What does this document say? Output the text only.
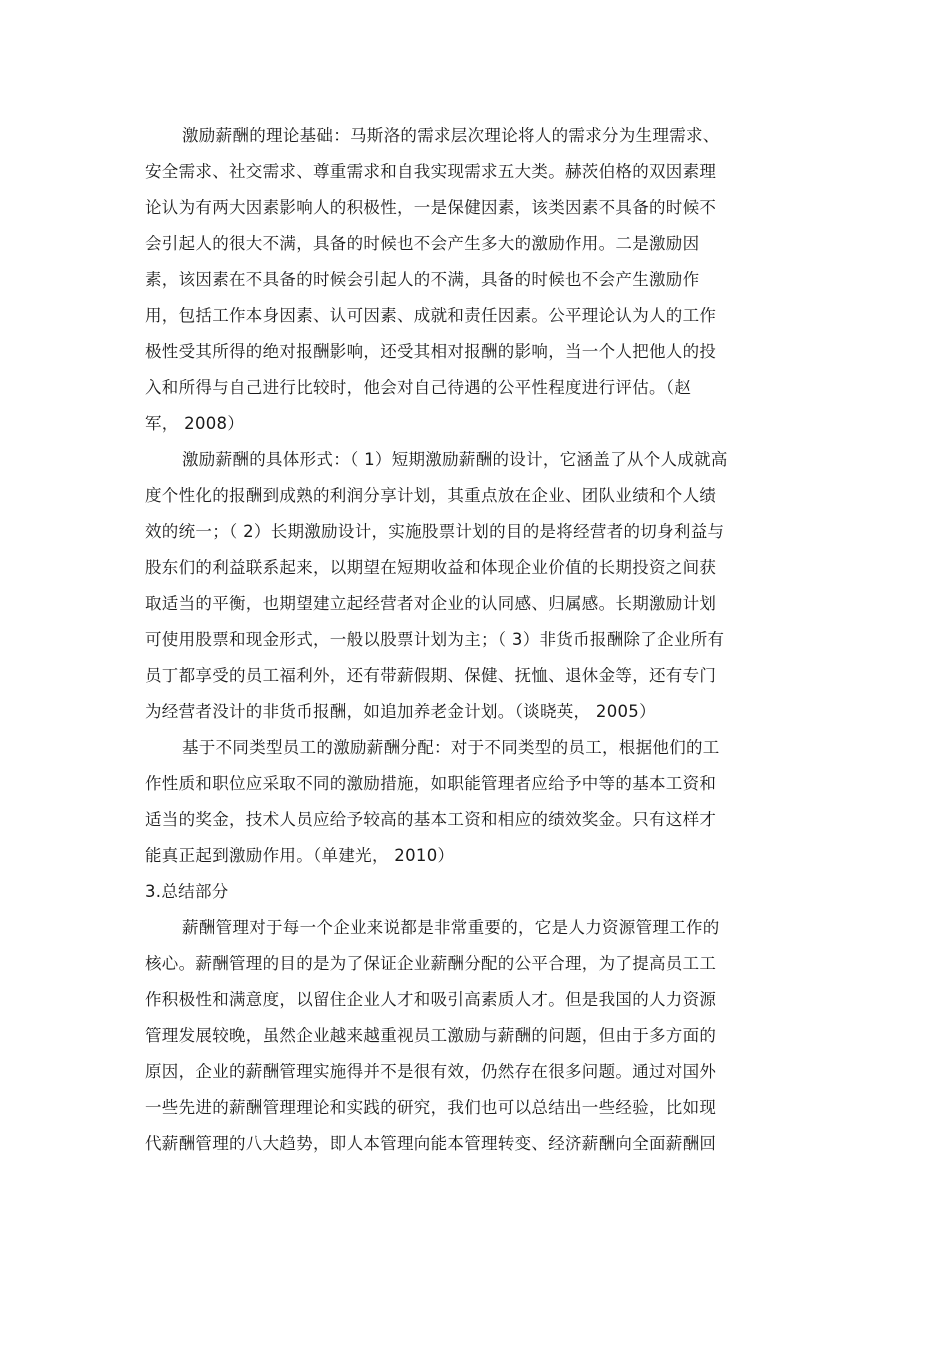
激励薪酬的理论基础：马斯洛的需求层次理论将人的需求分为生理需求、
安全需求、社交需求、尊重需求和自我实现需求五大类。赫茨伯格的双因素理
论认为有两大因素影响人的积极性，一是保健因素，该类因素不具备的时候不
会引起人的很大不满，具备的时候也不会产生多大的激励作用。二是激励因
素，该因素在不具备的时候会引起人的不满，具备的时候也不会产生激励作
用，包括工作本身因素、认可因素、成就和责任因素。公平理论认为人的工作
极性受其所得的绝对报酬影响，还受其相对报酬的影响，当一个人把他人的投
入和所得与自己进行比较时，他会对自己待遇的公平性程度进行评估。（赵
军， 2008）
激励薪酬的具体形式：（ 1）短期激励薪酬的设计，它涵盖了从个人成就高
度个性化的报酬到成熟的利润分享计划，其重点放在企业、团队业绩和个人绩
效的统一；（ 2）长期激励设计，实施股票计划的目的是将经营者的切身利益与
股东们的利益联系起来，以期望在短期收益和体现企业价值的长期投资之间获
取适当的平衡，也期望建立起经营者对企业的认同感、归属感。长期激励计划
可使用股票和现金形式，一般以股票计划为主；（ 3）非货币报酬除了企业所有
员丁都享受的员工福利外，还有带薪假期、保健、抚恤、退休金等，还有专门
为经营者没计的非货币报酬，如追加养老金计划。（谈晓英， 2005）
基于不同类型员工的激励薪酬分配：对于不同类型的员工，根据他们的工
作性质和职位应采取不同的激励措施，如职能管理者应给予中等的基本工资和
适当的奖金，技术人员应给予较高的基本工资和相应的绩效奖金。只有这样才
能真正起到激励作用。（单建光， 2010）
3.总结部分
薪酬管理对于每一个企业来说都是非常重要的，它是人力资源管理工作的
核心。薪酬管理的目的是为了保证企业薪酬分配的公平合理，为了提高员工工
作积极性和满意度，以留住企业人才和吸引高素质人才。但是我国的人力资源
管理发展较晚，虽然企业越来越重视员工激励与薪酬的问题，但由于多方面的
原因，企业的薪酬管理实施得并不是很有效，仍然存在很多问题。通过对国外
一些先进的薪酬管理理论和实践的研究，我们也可以总结出一些经验，比如现
代薪酬管理的八大趋势，即人本管理向能本管理转变、经济薪酬向全面薪酬回
